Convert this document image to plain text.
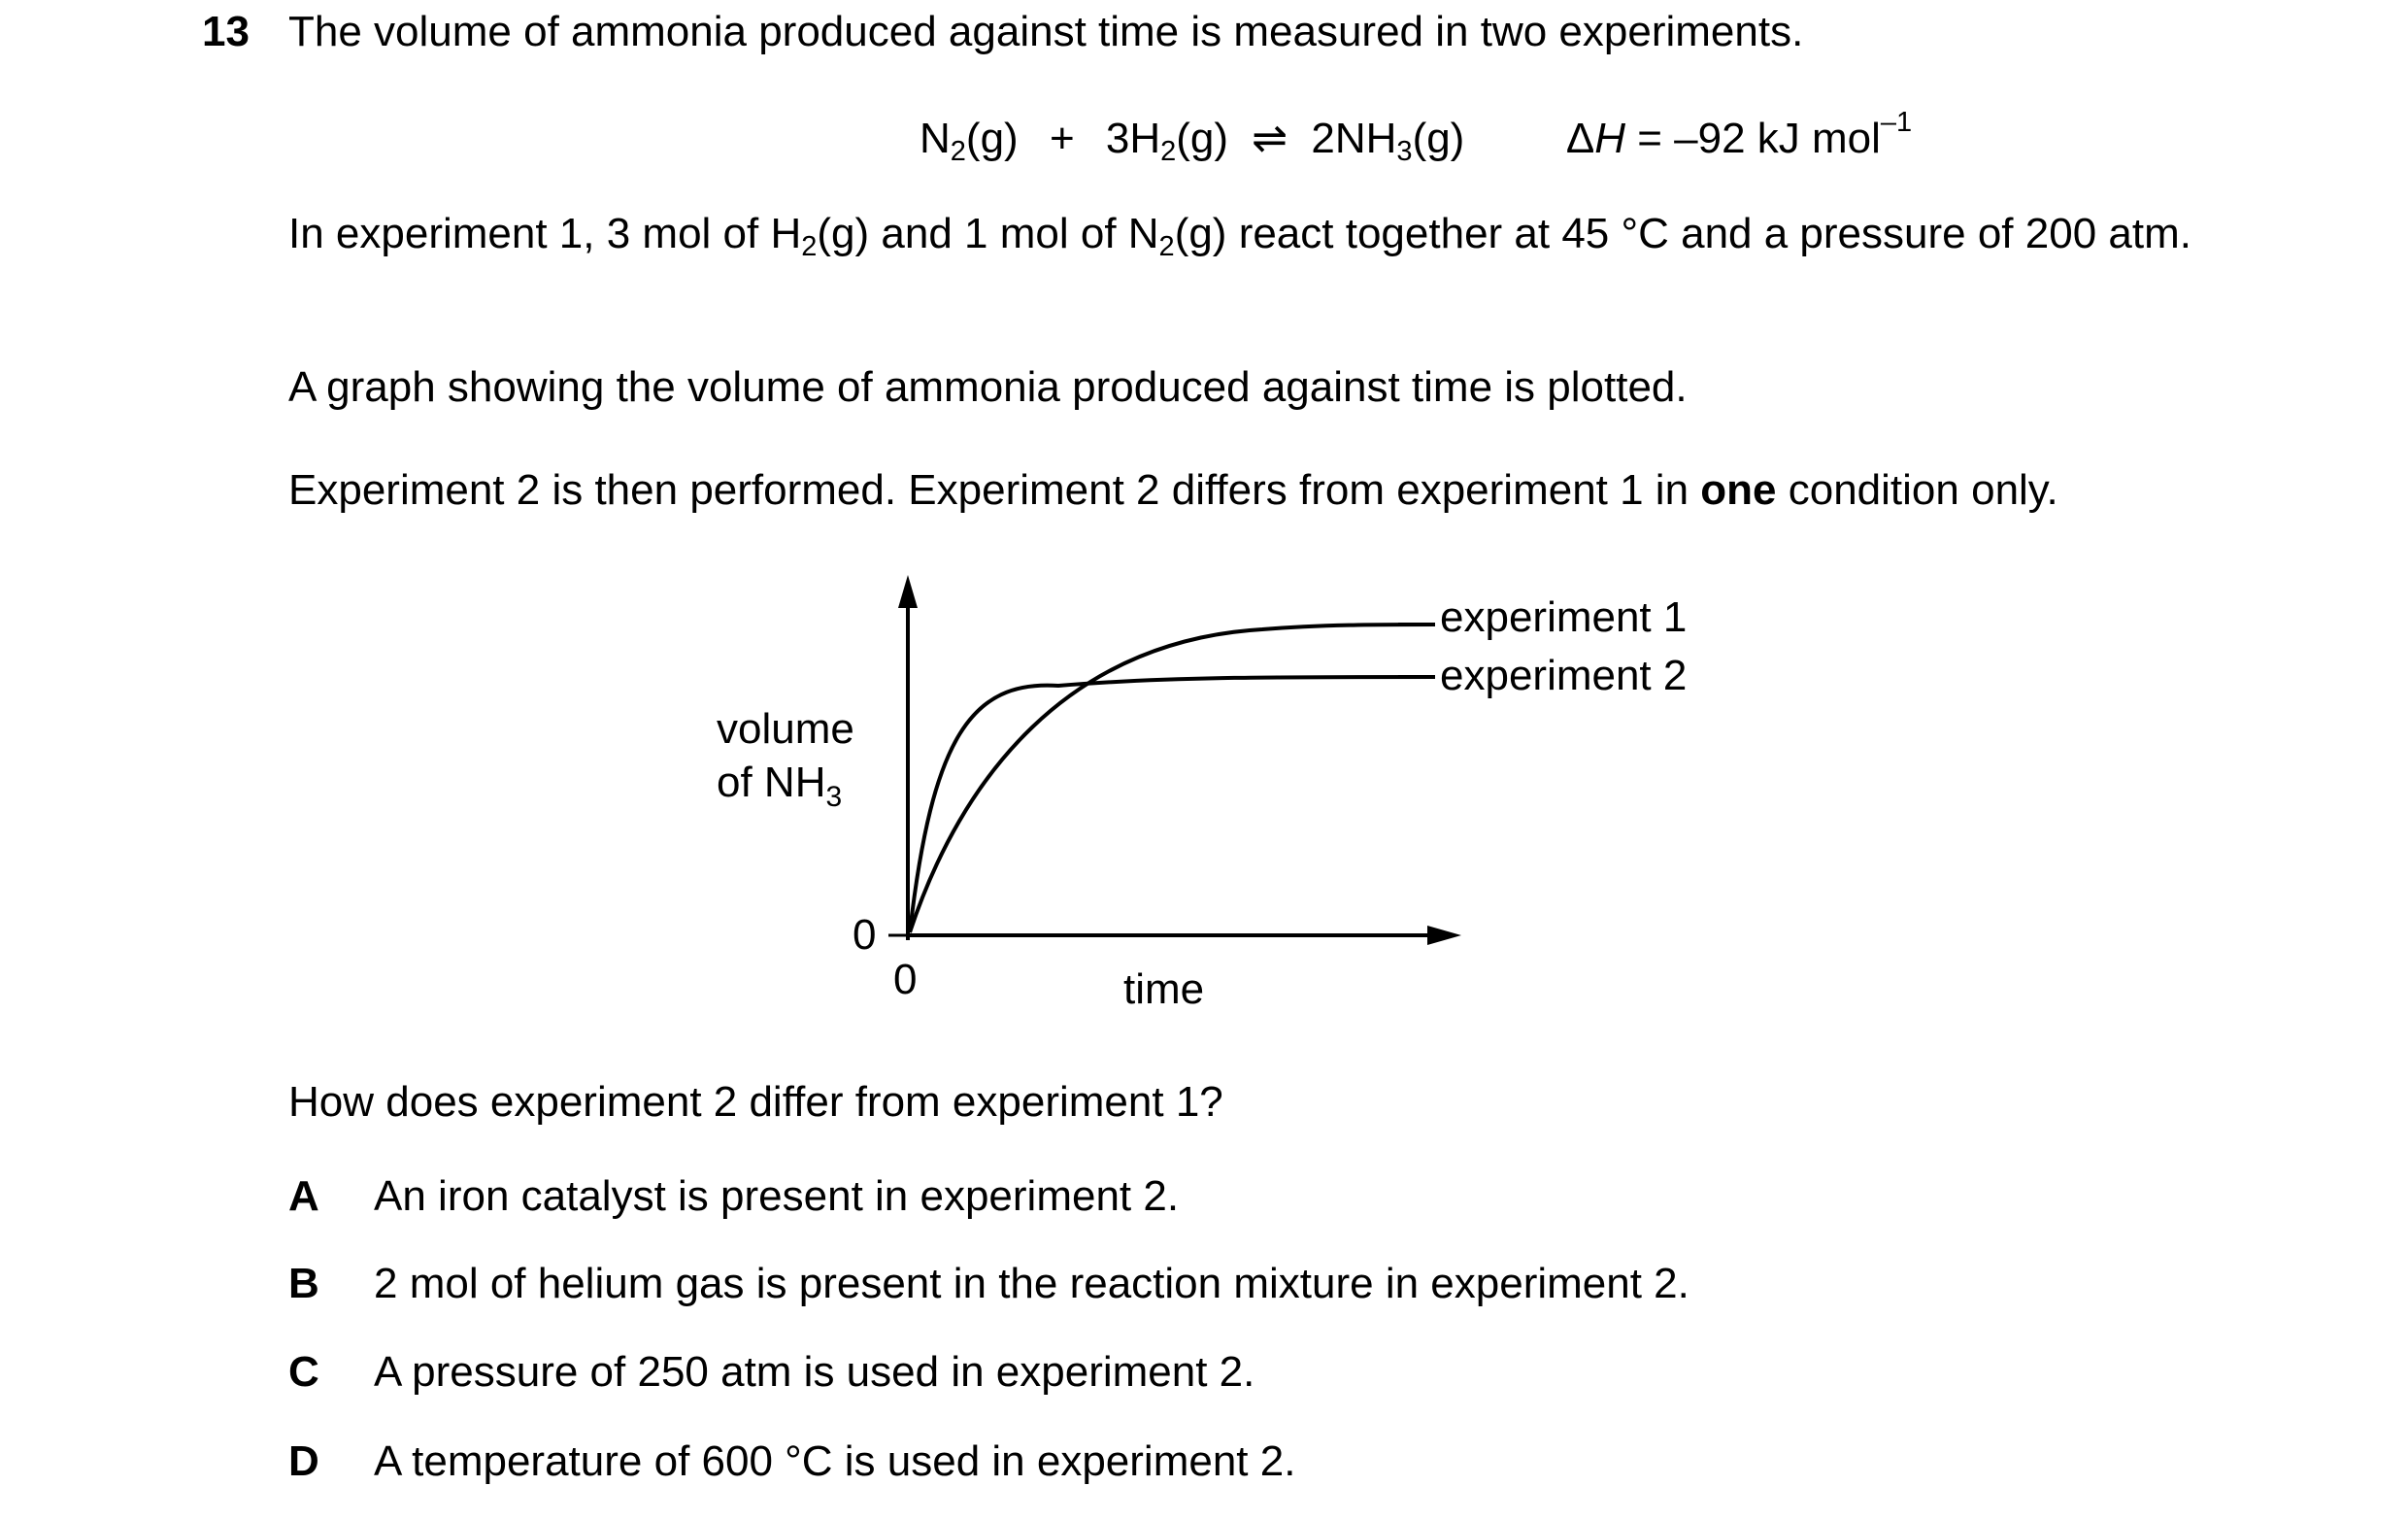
13 The volume of ammonia produced against time is measured in two experiments.
$N_2(g) + 3H_2(g)$ ⇌ $2NH_3(g) \Delta H = -92$ kJ mol$^{-1}$
In experiment 1, 3 mol of $H_2(g)$ and 1 mol of $N_2(g)$ react together at 45 °C and a pressure of 200 atm.
A graph showing the volume of ammonia produced against time is plotted.
Experiment 2 is then performed. Experiment 2 differs from experiment 1 in one condition only.
experiment 1
experiment 2
volume
of $NH_3$
0
0	time
How does experiment 2 differ from experiment 1?
A An iron catalyst is present in experiment 2.
B 2 mol of helium gas is present in the reaction mixture in experiment 2.
C A pressure of 250 atm is used in experiment 2.
D A temperature of 600 °C is used in experiment 2.
